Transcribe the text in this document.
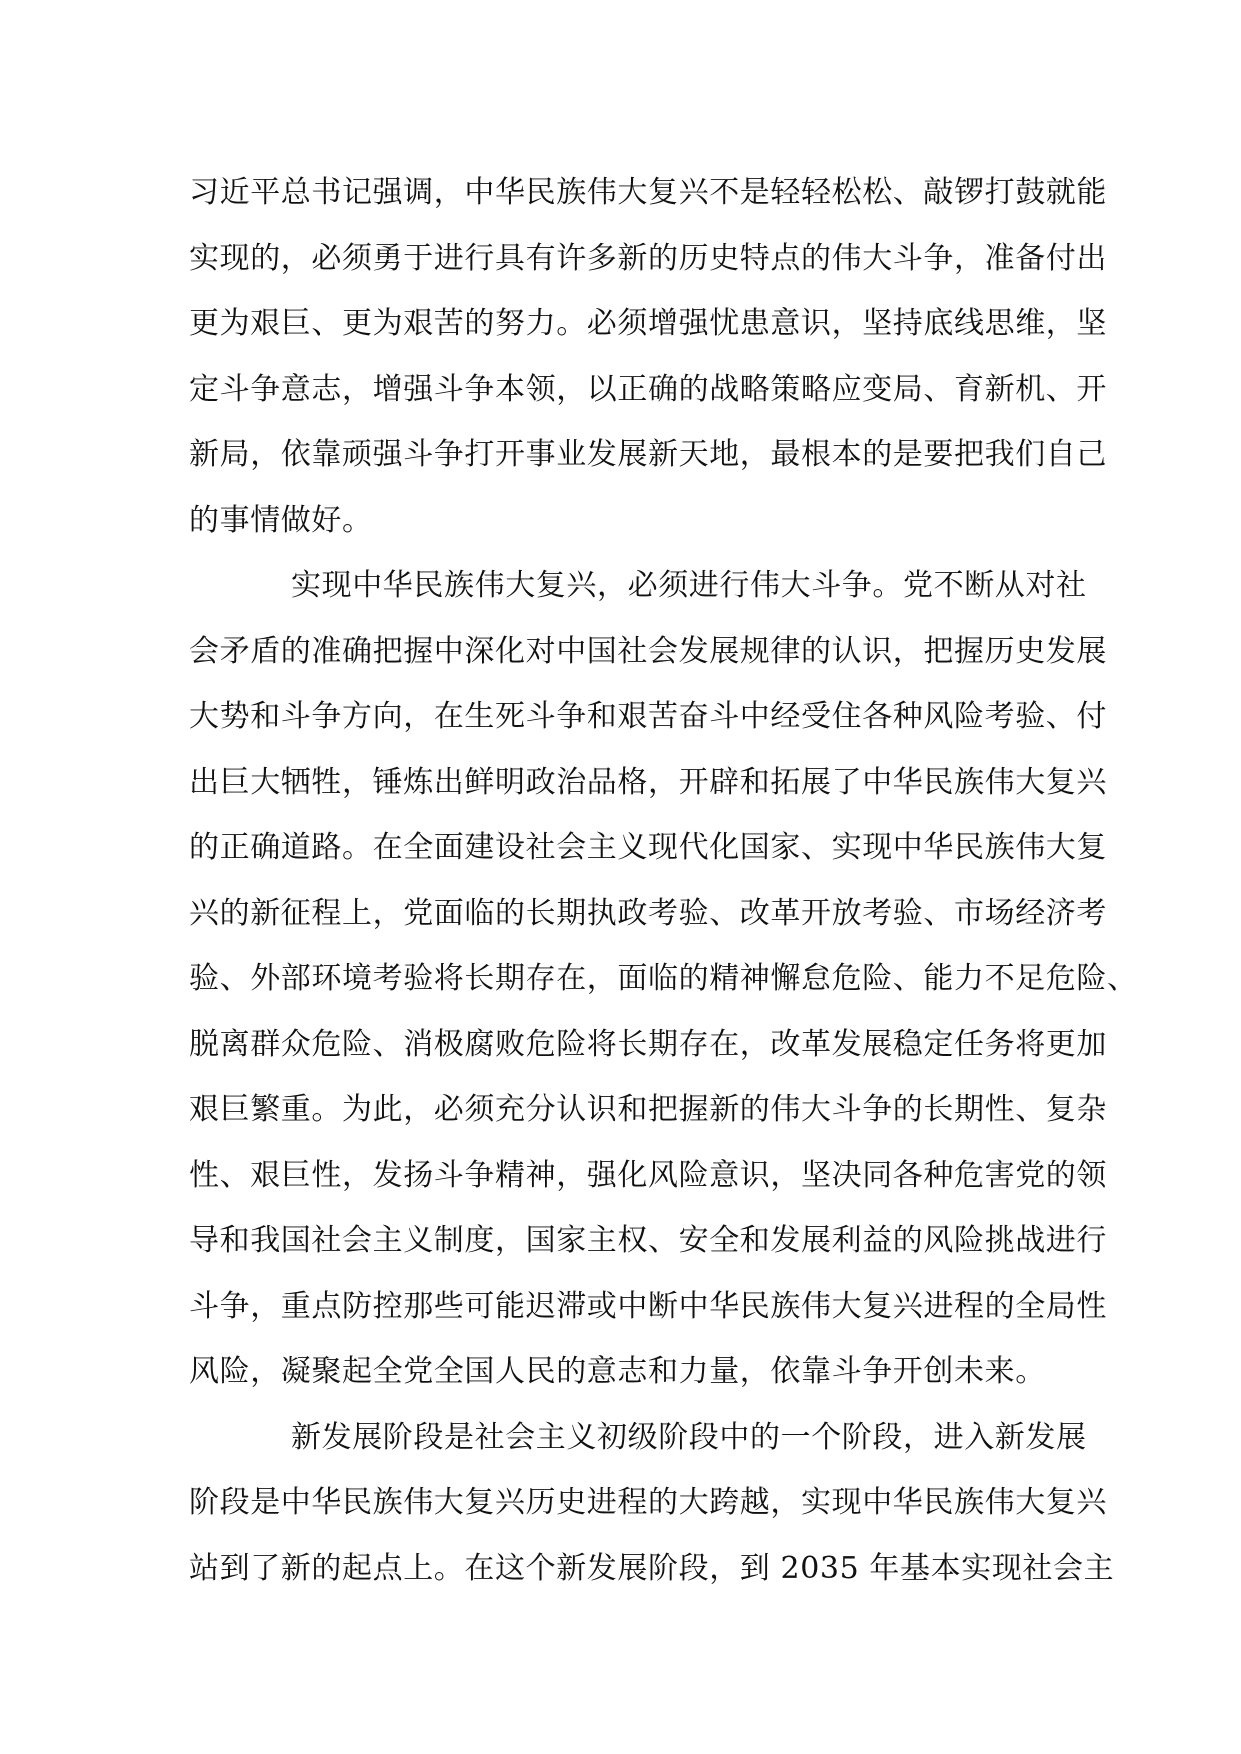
习近平总书记强调，中华民族伟大复兴不是轻轻松松、敲锣打鼓就能
实现的，必须勇于进行具有许多新的历史特点的伟大斗争，准备付出
更为艰巨、更为艰苦的努力。必须增强忧患意识，坚持底线思维，坚
定斗争意志，增强斗争本领，以正确的战略策略应变局、育新机、开
新局，依靠顽强斗争打开事业发展新天地，最根本的是要把我们自己
的事情做好。
实现中华民族伟大复兴，必须进行伟大斗争。党不断从对社
会矛盾的准确把握中深化对中国社会发展规律的认识，把握历史发展
大势和斗争方向，在生死斗争和艰苦奋斗中经受住各种风险考验、付
出巨大牺牲，锤炼出鲜明政治品格，开辟和拓展了中华民族伟大复兴
的正确道路。在全面建设社会主义现代化国家、实现中华民族伟大复
兴的新征程上，党面临的长期执政考验、改革开放考验、市场经济考
验、外部环境考验将长期存在，面临的精神懈怠危险、能力不足危险、
脱离群众危险、消极腐败危险将长期存在，改革发展稳定任务将更加
艰巨繁重。为此，必须充分认识和把握新的伟大斗争的长期性、复杂
性、艰巨性，发扬斗争精神，强化风险意识，坚决同各种危害党的领
导和我国社会主义制度，国家主权、安全和发展利益的风险挑战进行
斗争，重点防控那些可能迟滞或中断中华民族伟大复兴进程的全局性
风险，凝聚起全党全国人民的意志和力量，依靠斗争开创未来。
新发展阶段是社会主义初级阶段中的一个阶段，进入新发展
阶段是中华民族伟大复兴历史进程的大跨越，实现中华民族伟大复兴
站到了新的起点上。在这个新发展阶段，到 2035 年基本实现社会主
